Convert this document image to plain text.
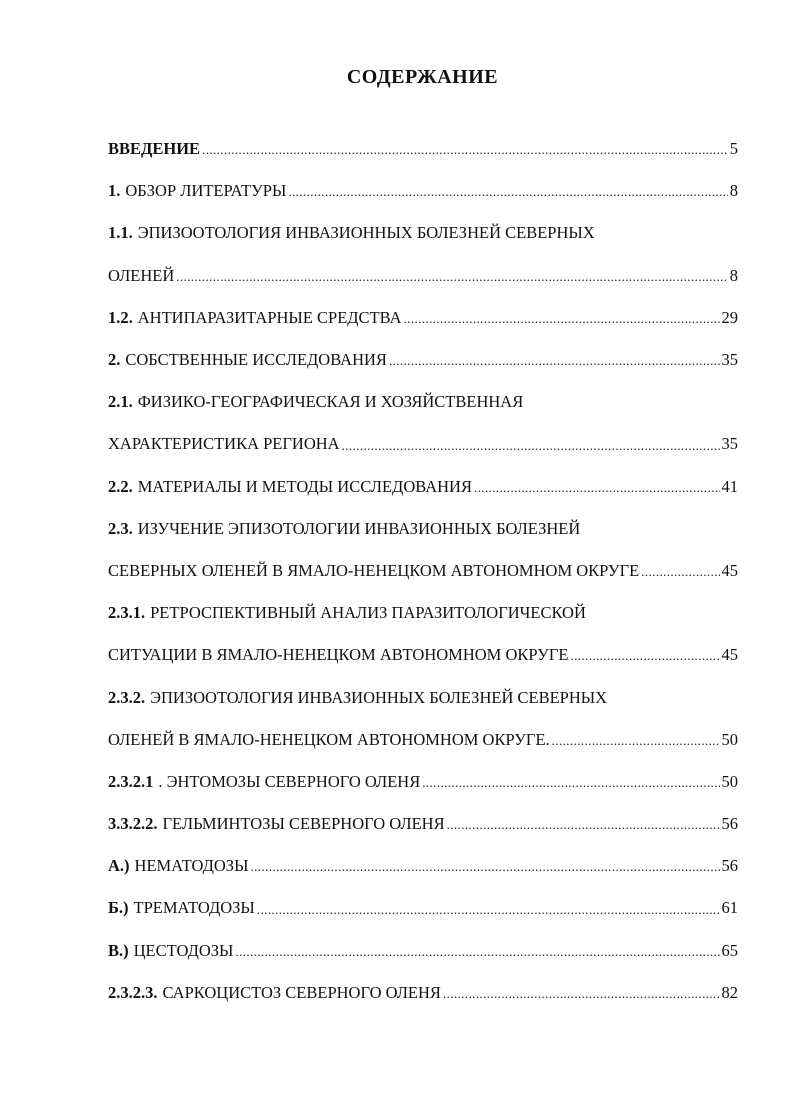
СОДЕРЖАНИЕ
ВВЕДЕНИЕ .....	5
1. ОБЗОР ЛИТЕРАТУРЫ .....	8
1.1. ЭПИЗООТОЛОГИЯ ИНВАЗИОННЫХ БОЛЕЗНЕЙ СЕВЕРНЫХ
ОЛЕНЕЙ .....	8
1.2. АНТИПАРАЗИТАРНЫЕ СРЕДСТВА .....	29
2. СОБСТВЕННЫЕ ИССЛЕДОВАНИЯ .....	35
2.1. ФИЗИКО-ГЕОГРАФИЧЕСКАЯ И ХОЗЯЙСТВЕННАЯ
ХАРАКТЕРИСТИКА РЕГИОНА .....	35
2.2. МАТЕРИАЛЫ И МЕТОДЫ ИССЛЕДОВАНИЯ .....	41
2.3. ИЗУЧЕНИЕ ЭПИЗОТОЛОГИИ ИНВАЗИОННЫХ БОЛЕЗНЕЙ
СЕВЕРНЫХ ОЛЕНЕЙ В ЯМАЛО-НЕНЕЦКОМ АВТОНОМНОМ ОКРУГЕ .....	45
2.3.1. РЕТРОСПЕКТИВНЫЙ АНАЛИЗ ПАРАЗИТОЛОГИЧЕСКОЙ
СИТУАЦИИ В ЯМАЛО-НЕНЕЦКОМ АВТОНОМНОМ ОКРУГЕ .....	45
2.3.2. ЭПИЗООТОЛОГИЯ ИНВАЗИОННЫХ БОЛЕЗНЕЙ СЕВЕРНЫХ
ОЛЕНЕЙ В ЯМАЛО-НЕНЕЦКОМ АВТОНОМНОМ ОКРУГЕ. .....	50
2.3.2.1 . ЭНТОМОЗЫ СЕВЕРНОГО ОЛЕНЯ .....	50
3.3.2.2. ГЕЛЬМИНТОЗЫ СЕВЕРНОГО ОЛЕНЯ .....	56
А.) НЕМАТОДОЗЫ .....	56
Б.) ТРЕМАТОДОЗЫ .....	61
В.) ЦЕСТОДОЗЫ .....	65
2.3.2.3. САРКОЦИСТОЗ СЕВЕРНОГО ОЛЕНЯ .....	82
